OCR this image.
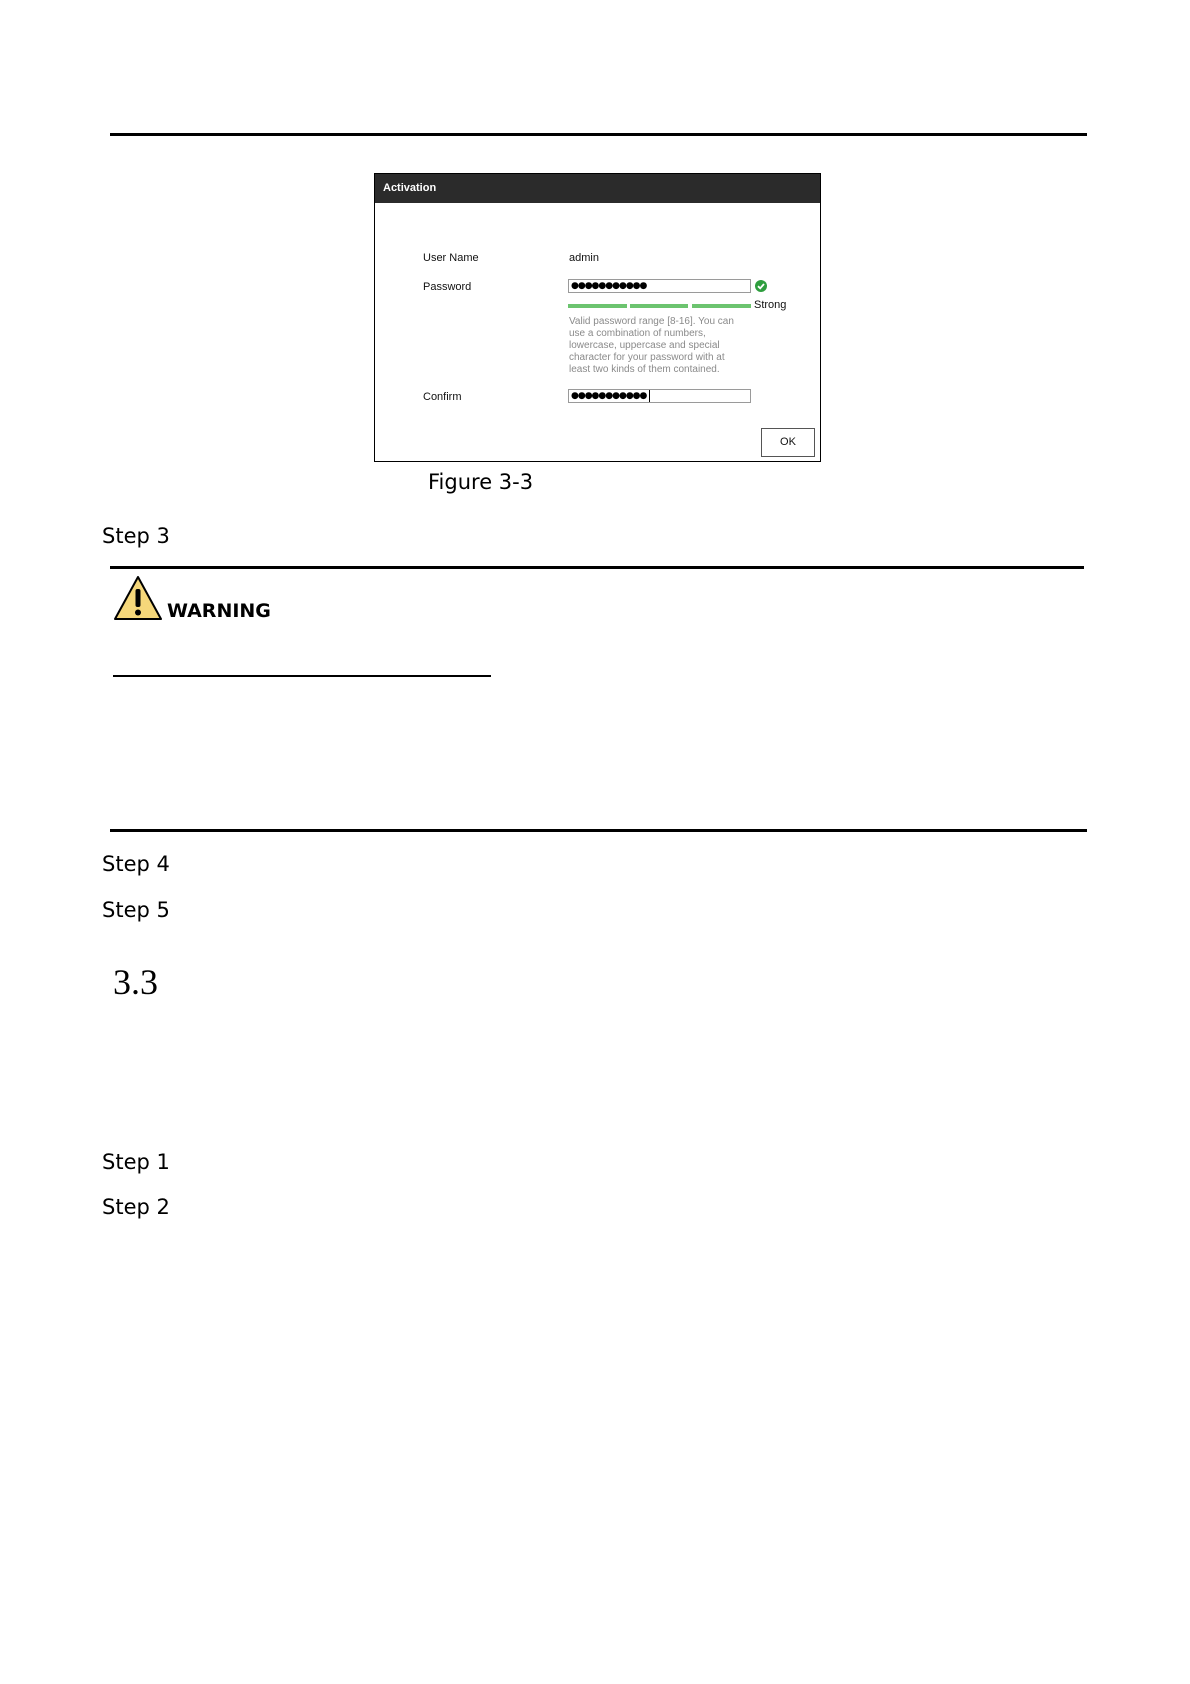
Activation
User Name	admin
Password	●●●●●●●●●●●
Strong
Valid password range [8-16]. You can use a combination of numbers, lowercase, uppercase and special character for your password with at least two kinds of them contained.
Confirm	●●●●●●●●●●●
OK
Figure 3-3
Step 3
WARNING
Step 4
Step 5
3.3
Step 1
Step 2
